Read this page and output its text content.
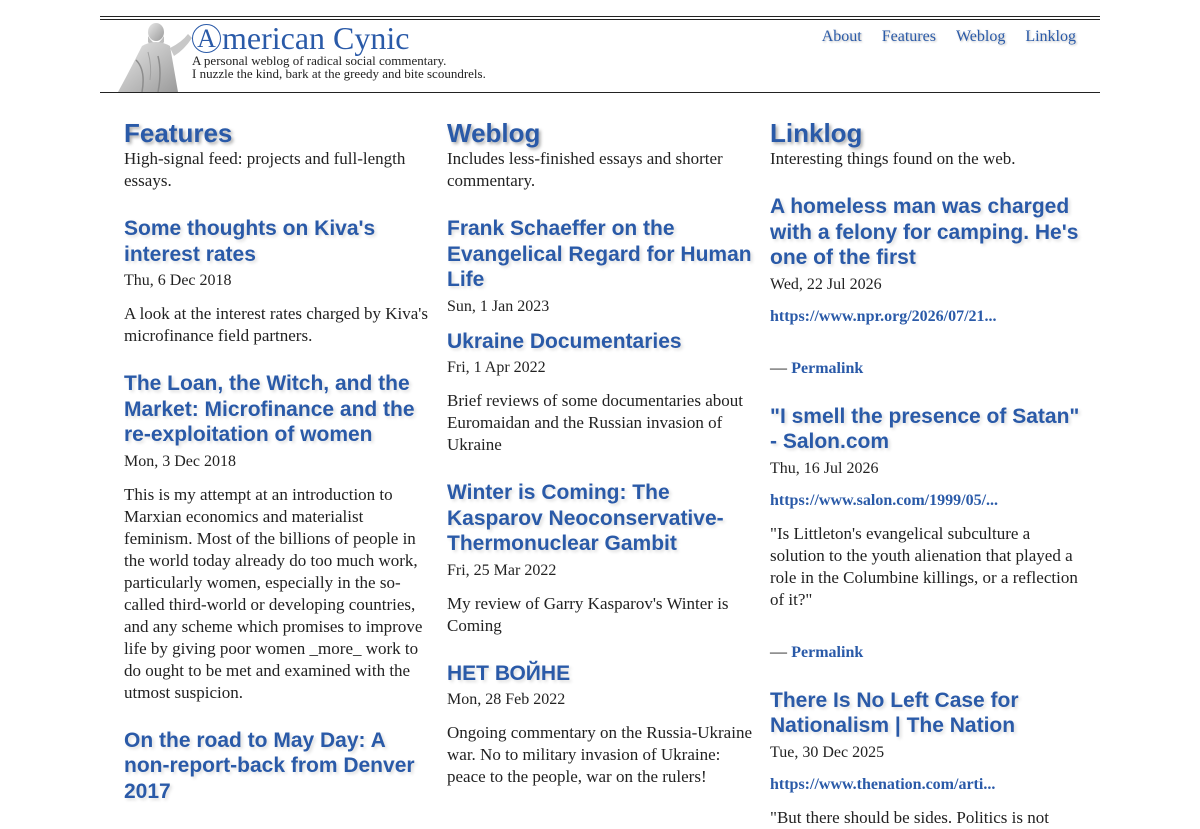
A merican Cynic
A personal weblog of radical social commentary.
I nuzzle the kind, bark at the greedy and bite scoundrels.
About Features Weblog Linklog
Features

High-signal feed: projects and full-length essays.

Some thoughts on Kiva's interest rates
Thu, 6 Dec 2018

A look at the interest rates charged by Kiva's microfinance field partners.

The Loan, the Witch, and the Market: Microfinance and the re-exploitation of women
Mon, 3 Dec 2018

This is my attempt at an introduction to Marxian economics and materialist feminism. Most of the billions of people in the world today already do too much work, particularly women, especially in the so-called third-world or developing countries, and any scheme which promises to improve life by giving poor women _more_ work to do ought to be met and examined with the utmost suspicion.

On the road to May Day: A non-report-back from Denver 2017
Weblog

Includes less-finished essays and shorter commentary.

Frank Schaeffer on the Evangelical Regard for Human Life
Sun, 1 Jan 2023
Ukraine Documentaries
Fri, 1 Apr 2022

Brief reviews of some documentaries about Euromaidan and the Russian invasion of Ukraine

Winter is Coming: The Kasparov Neoconservative-Thermonuclear Gambit
Fri, 25 Mar 2022

My review of Garry Kasparov's Winter is Coming

НЕТ ВОЙНЕ
Mon, 28 Feb 2022

Ongoing commentary on the Russia-Ukraine war. No to military invasion of Ukraine: peace to the people, war on the rulers!

Linklog

Interesting things found on the web.

A homeless man was charged with a felony for camping. He's one of the first
Wed, 22 Jul 2026
https://www.npr.org/2026/07/21...
— Permalink
"I smell the presence of Satan" - Salon.com
Thu, 16 Jul 2026
https://www.salon.com/1999/05/...

"Is Littleton's evangelical subculture a solution to the youth alienation that played a role in the Columbine killings, or a reflection of it?"

— Permalink
There Is No Left Case for Nationalism | The Nation
Tue, 30 Dec 2025
https://www.thenation.com/arti...

"But there should be sides. Politics is not
